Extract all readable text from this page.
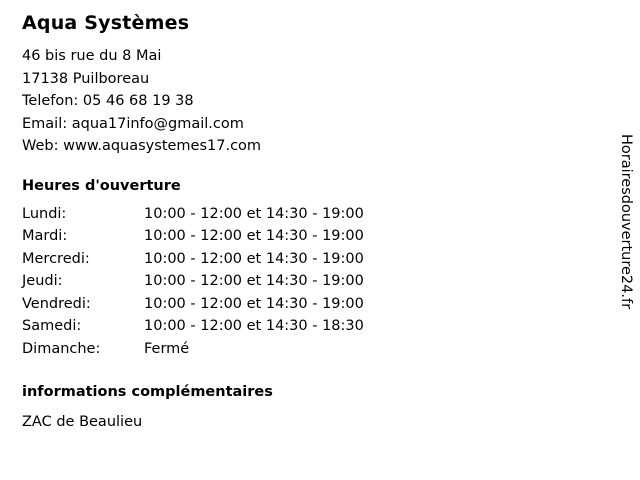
Aqua Systèmes
46 bis rue du 8 Mai
17138 Puilboreau
Telefon: 05 46 68 19 38
Email: aqua17info@gmail.com
Web: www.aquasystemes17.com
Heures d'ouverture
Lundi:	10:00 - 12:00 et 14:30 - 19:00
Mardi:	10:00 - 12:00 et 14:30 - 19:00
Mercredi:	10:00 - 12:00 et 14:30 - 19:00
Jeudi:	10:00 - 12:00 et 14:30 - 19:00
Vendredi:	10:00 - 12:00 et 14:30 - 19:00
Samedi:	10:00 - 12:00 et 14:30 - 18:30
Dimanche:	Fermé
informations complémentaires
ZAC de Beaulieu
Horairesdouverture24.fr
